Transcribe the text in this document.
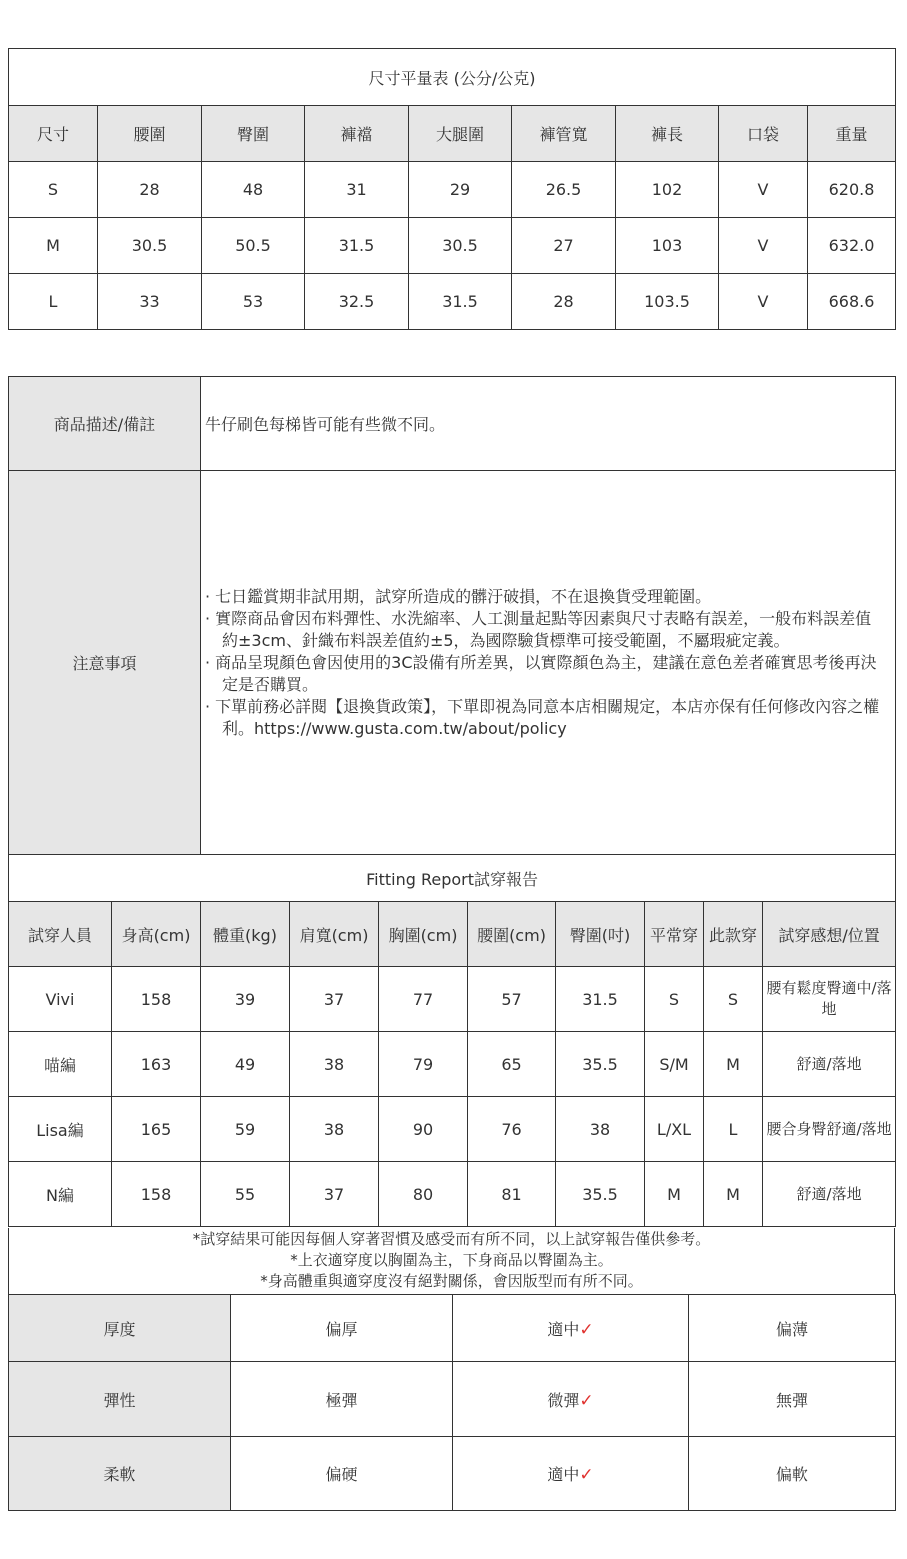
尺寸平量表 (公分/公克)								
尺寸	腰圍	臀圍	褲襠	大腿圍	褲管寬	褲長	口袋	重量
S	28	48	31	29	26.5	102	V	620.8
M	30.5	50.5	31.5	30.5	27	103	V	632.0
L	33	53	32.5	31.5	28	103.5	V	668.6
商品描述/備註	牛仔刷色每梯皆可能有些微不同。
注意事項	· 七日鑑賞期非試用期，試穿所造成的髒汙破損，不在退換貨受理範圍。
· 實際商品會因布料彈性、水洗縮率、人工測量起點等因素與尺寸表略有誤差，一般布料誤差值約±3cm、針織布料誤差值約±5，為國際驗貨標準可接受範圍，不屬瑕疵定義。
· 商品呈現顏色會因使用的3C設備有所差異，以實際顏色為主，建議在意色差者確實思考後再決定是否購買。
· 下單前務必詳閱【退換貨政策】，下單即視為同意本店相關規定，本店亦保有任何修改內容之權利。https://www.gusta.com.tw/about/policy
Fitting Report試穿報告									
試穿人員	身高(cm)	體重(kg)	肩寬(cm)	胸圍(cm)	腰圍(cm)	臀圍(吋)	平常穿	此款穿	試穿感想/位置
Vivi	158	39	37	77	57	31.5	S	S	腰有鬆度臀適中/落地
喵編	163	49	38	79	65	35.5	S/M	M	舒適/落地
Lisa編	165	59	38	90	76	38	L/XL	L	腰合身臀舒適/落地
N編	158	55	37	80	81	35.5	M	M	舒適/落地
*試穿結果可能因每個人穿著習慣及感受而有所不同，以上試穿報告僅供參考。
*上衣適穿度以胸圍為主，下身商品以臀圍為主。
*身高體重與適穿度沒有絕對關係，會因版型而有所不同。
厚度	偏厚	適中✓	偏薄
彈性	極彈	微彈✓	無彈
柔軟	偏硬	適中✓	偏軟
